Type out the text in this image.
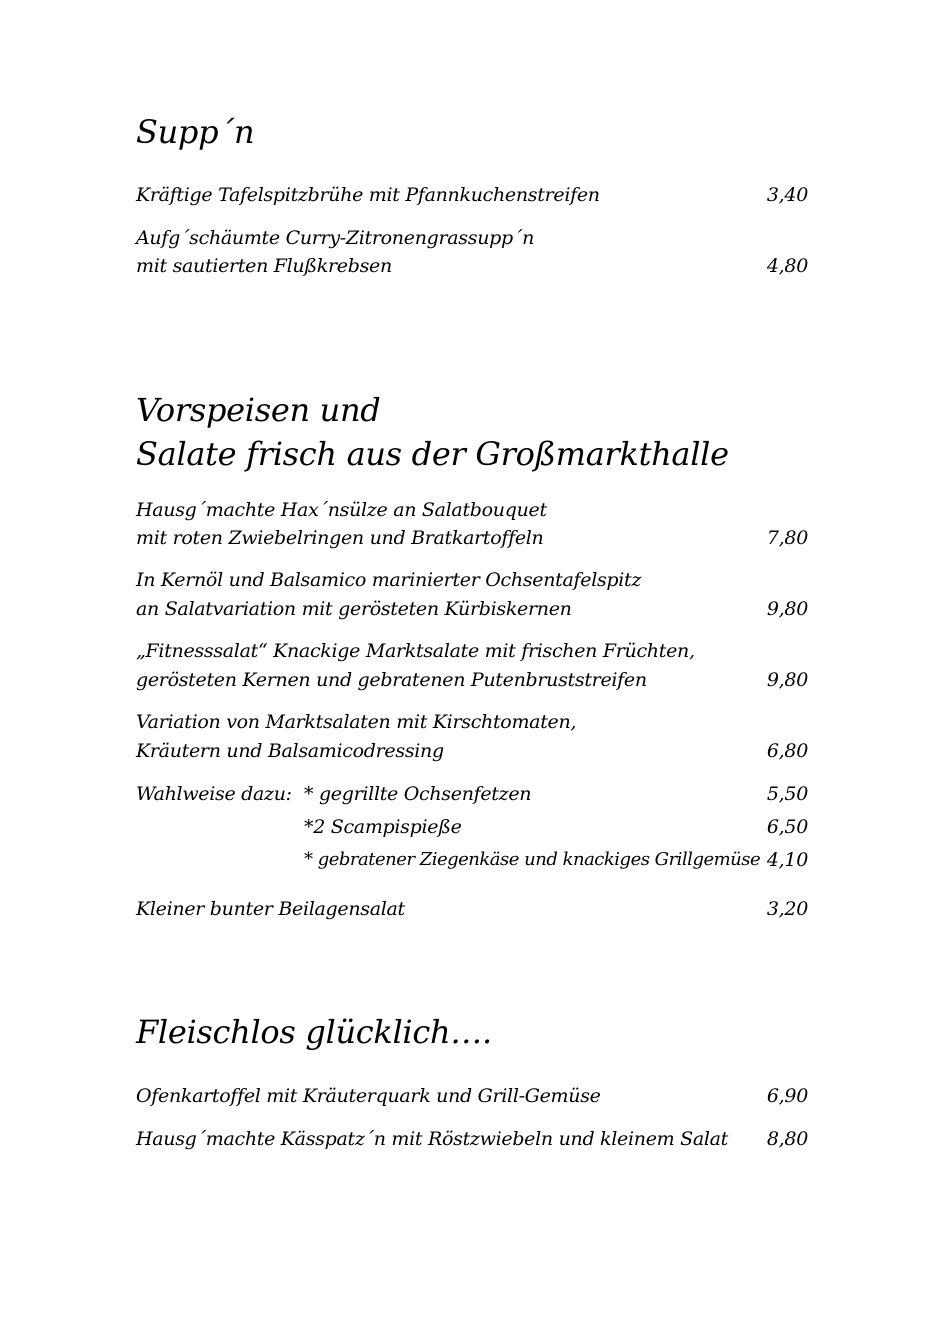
Supp´n
Kräftige Tafelspitzbrühe mit Pfannkuchenstreifen	3,40
Aufg´schäumte Curry-Zitronengrassupp´n
mit sautierten Flußkrebsen	4,80
Vorspeisen und
Salate frisch aus der Großmarkthalle
Hausg´machte Hax´nsülze an Salatbouquet
mit roten Zwiebelringen und Bratkartoffeln	7,80
In Kernöl und Balsamico marinierter Ochsentafelspitz
an Salatvariation mit gerösteten Kürbiskernen	9,80
„Fitnesssalat“ Knackige Marktsalate mit frischen Früchten,
gerösteten Kernen und gebratenen Putenbruststreifen	9,80
Variation von Marktsalaten mit Kirschtomaten,
Kräutern und Balsamicodressing	6,80
Wahlweise dazu: * gegrillte Ochsenfetzen	5,50
*2 Scampispieße	6,50
* gebratener Ziegenkäse und knackiges Grillgemüse 4,10
Kleiner bunter Beilagensalat	3,20
Fleischlos glücklich….
Ofenkartoffel mit Kräuterquark und Grill-Gemüse	6,90
Hausg´machte Kässpatz´n mit Röstzwiebeln und kleinem Salat 8,80
